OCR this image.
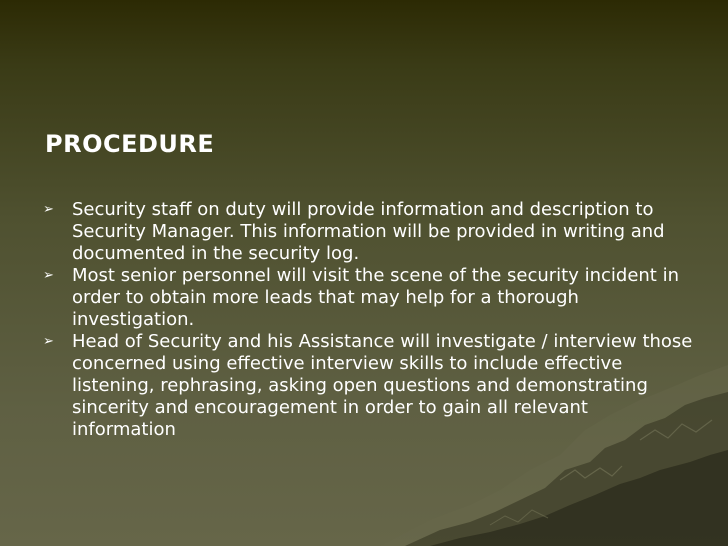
PROCEDURE
➢ Security staff on duty will provide information and description to Security Manager. This information will be provided in writing and documented in the security log.
➢ Most senior personnel will visit the scene of the security incident in order to obtain more leads that may help for a thorough investigation.
➢ Head of Security and his Assistance will investigate / interview those concerned using effective interview skills to include effective listening, rephrasing, asking open questions and demonstrating sincerity and encouragement in order to gain all relevant information
